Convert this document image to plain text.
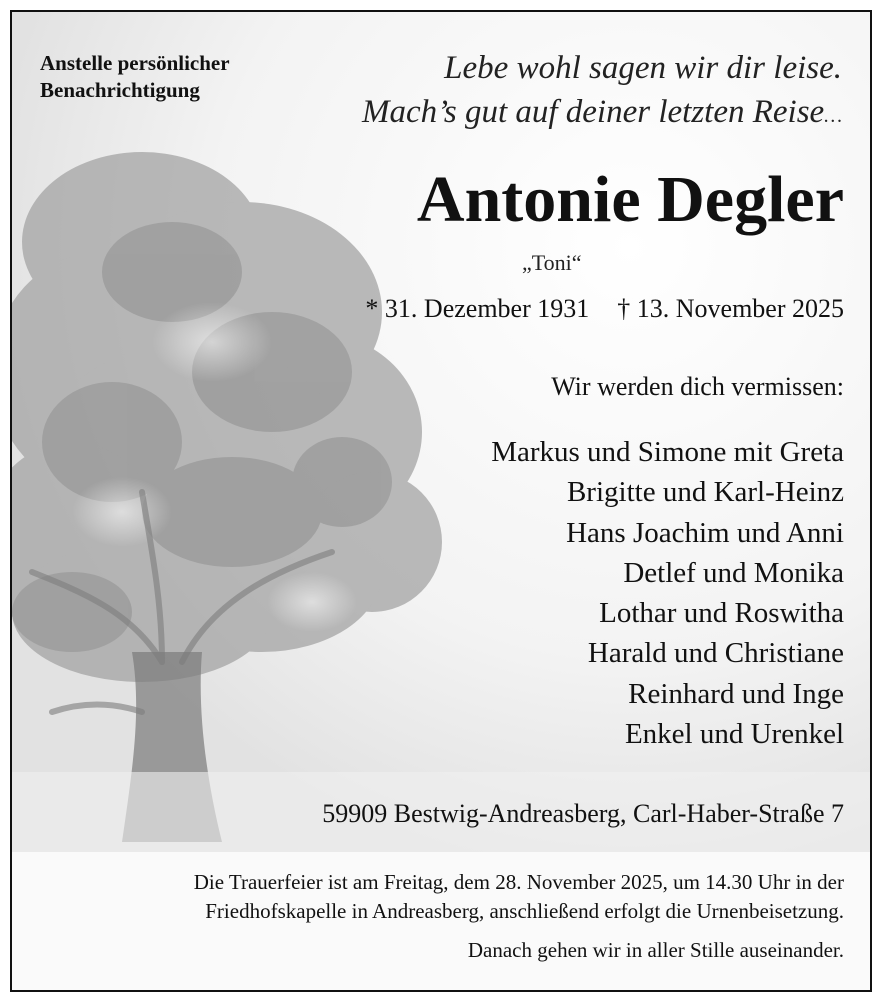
Anstelle persönlicher
Benachrichtigung
Lebe wohl sagen wir dir leise.
Mach’s gut auf deiner letzten Reise…
Antonie Degler
„Toni“
* 31. Dezember 1931 † 13. November 2025
Wir werden dich vermissen:
Markus und Simone mit Greta
Brigitte und Karl-Heinz
Hans Joachim und Anni
Detlef und Monika
Lothar und Roswitha
Harald und Christiane
Reinhard und Inge
Enkel und Urenkel
59909 Bestwig-Andreasberg, Carl-Haber-Straße 7
Die Trauerfeier ist am Freitag, dem 28. November 2025, um 14.30 Uhr in der
Friedhofskapelle in Andreasberg, anschließend erfolgt die Urnenbeisetzung.
Danach gehen wir in aller Stille auseinander.
